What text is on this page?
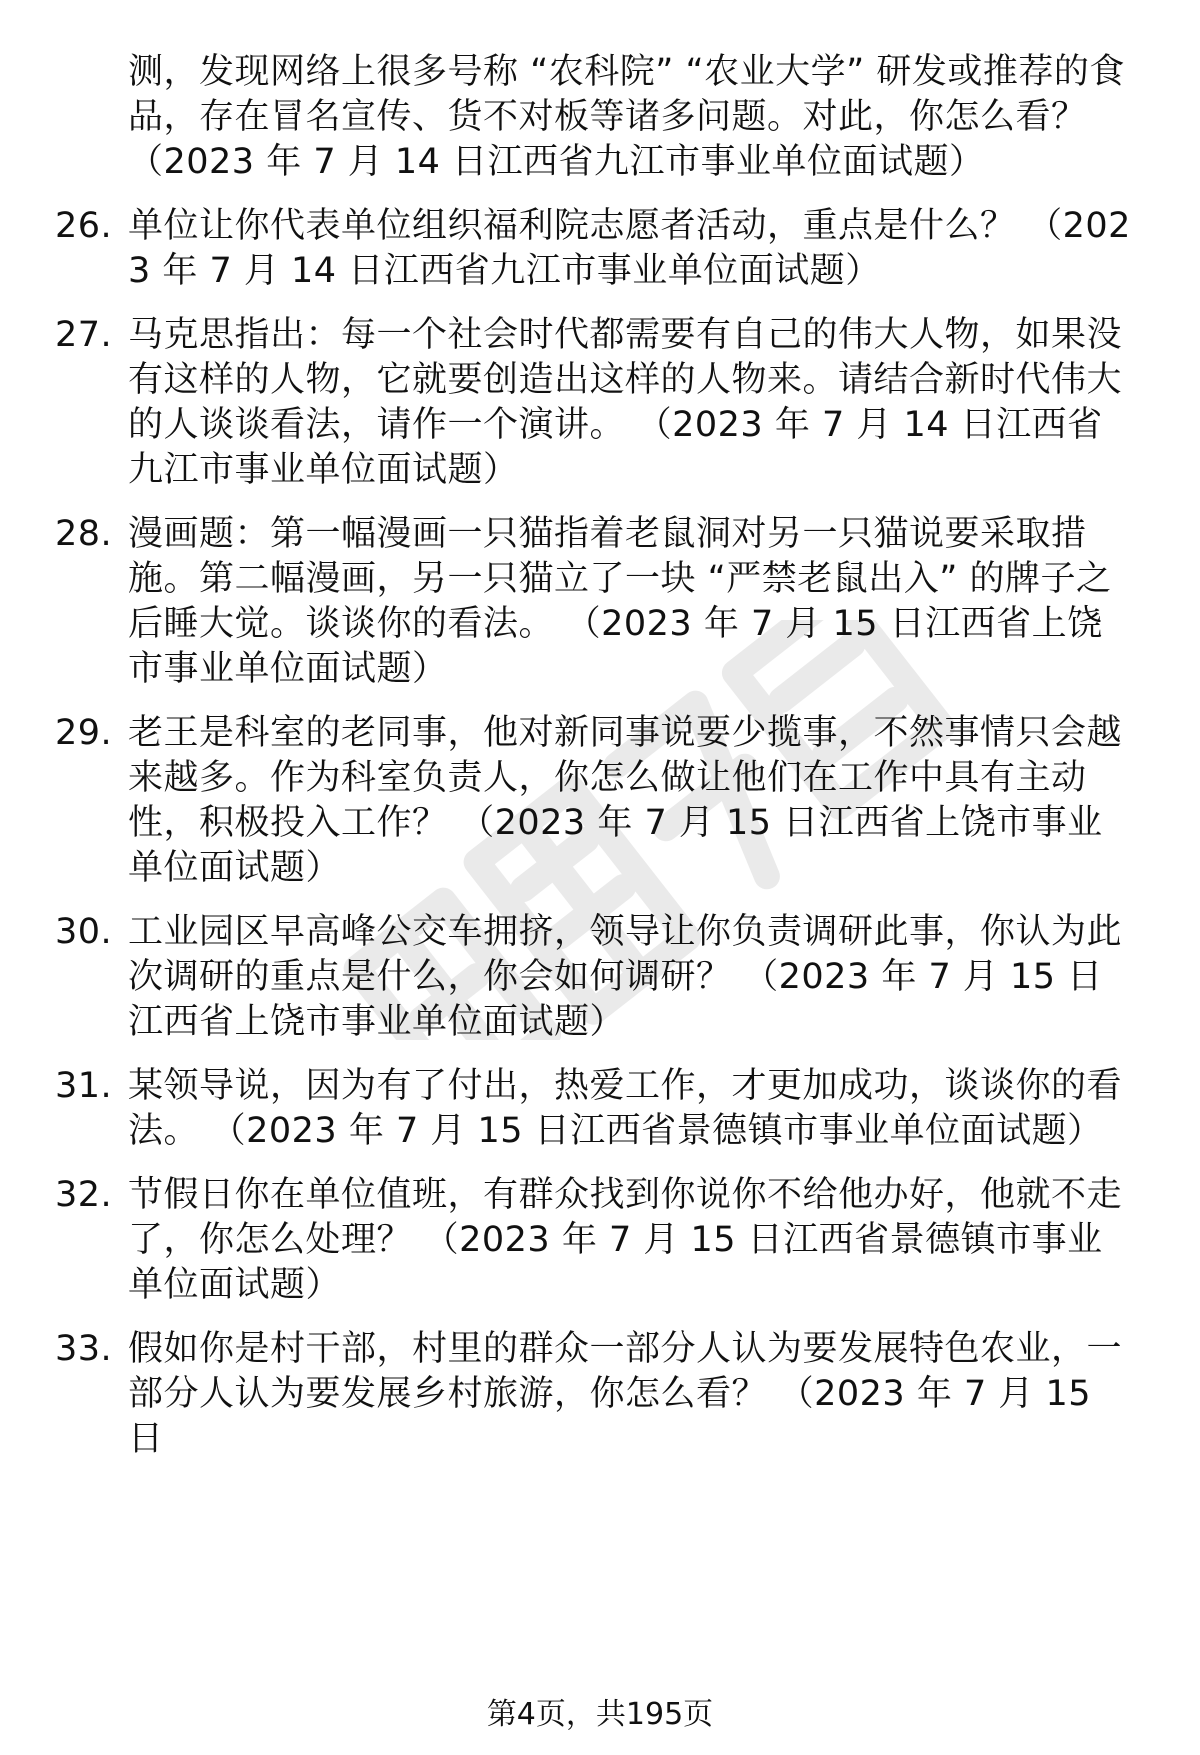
测，发现网络上很多号称 “农科院” “农业大学” 研发或推荐的食品，存在冒名宣传、货不对板等诸多问题。对此，你怎么看？ （2023 年 7 月 14 日江西省九江市事业单位面试题）
26. 单位让你代表单位组织福利院志愿者活动，重点是什么？ （2023 年 7 月 14 日江西省九江市事业单位面试题）
27. 马克思指出：每一个社会时代都需要有自己的伟大人物，如果没有这样的人物，它就要创造出这样的人物来。请结合新时代伟大的人谈谈看法，请作一个演讲。 （2023 年 7 月 14 日江西省九江市事业单位面试题）
28. 漫画题：第一幅漫画一只猫指着老鼠洞对另一只猫说要采取措施。第二幅漫画，另一只猫立了一块 “严禁老鼠出入” 的牌子之后睡大觉。谈谈你的看法。 （2023 年 7 月 15 日江西省上饶市事业单位面试题）
29. 老王是科室的老同事，他对新同事说要少揽事，不然事情只会越来越多。作为科室负责人，你怎么做让他们在工作中具有主动性，积极投入工作？ （2023 年 7 月 15 日江西省上饶市事业单位面试题）
30. 工业园区早高峰公交车拥挤，领导让你负责调研此事，你认为此次调研的重点是什么，你会如何调研？ （2023 年 7 月 15 日江西省上饶市事业单位面试题）
31. 某领导说，因为有了付出，热爱工作，才更加成功，谈谈你的看法。 （2023 年 7 月 15 日江西省景德镇市事业单位面试题）
32. 节假日你在单位值班，有群众找到你说你不给他办好，他就不走了，你怎么处理？ （2023 年 7 月 15 日江西省景德镇市事业单位面试题）
33. 假如你是村干部，村里的群众一部分人认为要发展特色农业，一部分人认为要发展乡村旅游，你怎么看？ （2023 年 7 月 15 日
第4页，共195页
